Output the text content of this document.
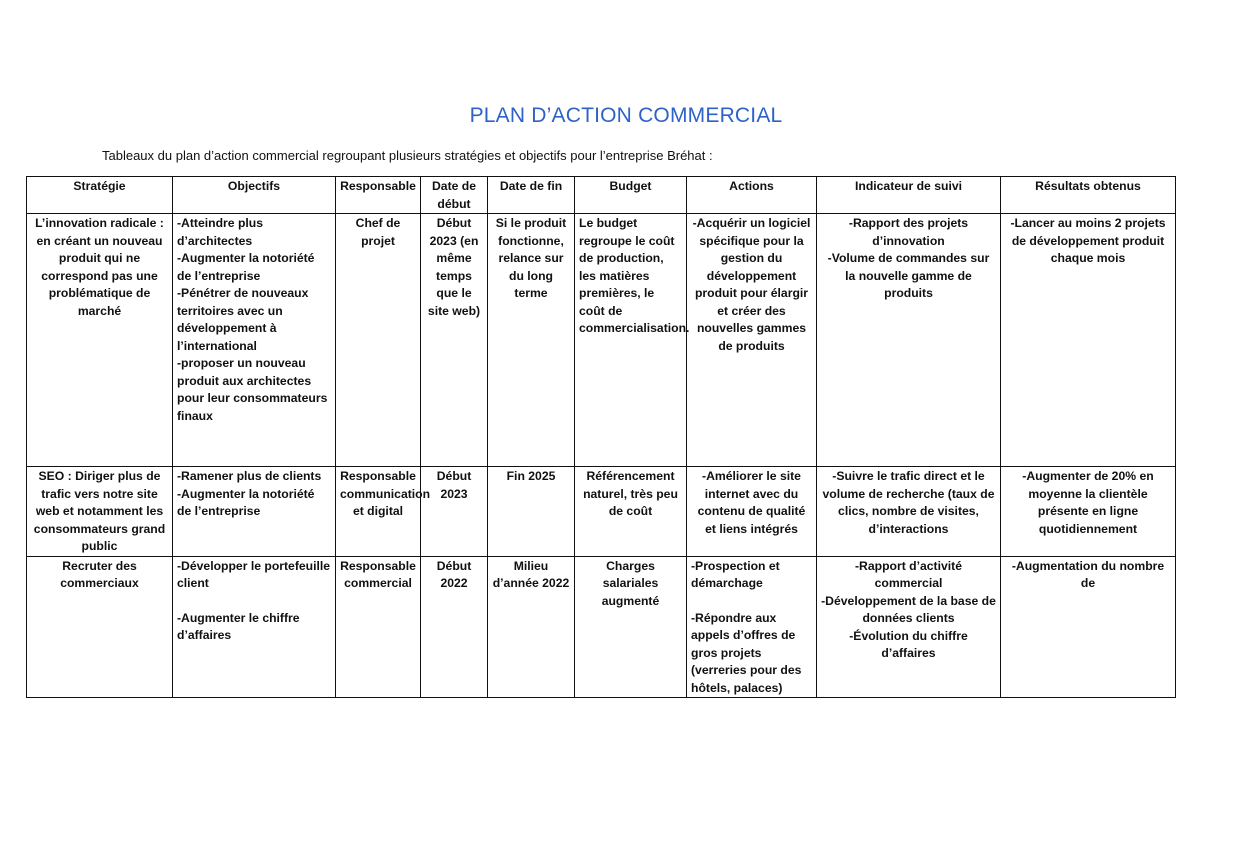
PLAN D’ACTION COMMERCIAL
Tableaux du plan d’action commercial regroupant plusieurs stratégies et objectifs pour l’entreprise Bréhat :
Stratégie	Objectifs	Responsable	Date de début	Date de fin	Budget	Actions	Indicateur de suivi	Résultats obtenus
L’innovation radicale : en créant un nouveau produit qui ne correspond pas une problématique de marché	-Atteindre plus d’architectes
-Augmenter la notoriété de l’entreprise
-Pénétrer de nouveaux territoires avec un développement à l’international
-proposer un nouveau produit aux architectes pour leur consommateurs finaux	Chef de projet	Début 2023 (en même temps que le site web)	Si le produit fonctionne, relance sur du long terme	Le budget regroupe le coût de production, les matières premières, le coût de commercialisation.	-Acquérir un logiciel spécifique pour la gestion du développement produit pour élargir et créer des nouvelles gammes de produits	-Rapport des projets d’innovation
-Volume de commandes sur la nouvelle gamme de produits	-Lancer au moins 2 projets de développement produit chaque mois
SEO : Diriger plus de trafic vers notre site web et notamment les consommateurs grand public	-Ramener plus de clients
-Augmenter la notoriété de l’entreprise	Responsable communication et digital	Début 2023	Fin 2025	Référencement naturel, très peu de coût	-Améliorer le site internet avec du contenu de qualité et liens intégrés	-Suivre le trafic direct et le volume de recherche (taux de clics, nombre de visites, d’interactions	-Augmenter de 20% en moyenne la clientèle présente en ligne quotidiennement
Recruter des commerciaux	-Développer le portefeuille client
-Augmenter le chiffre d’affaires	Responsable commercial	Début 2022	Milieu d’année 2022	Charges salariales augmenté	-Prospection et démarchage
-Répondre aux appels d’offres de gros projets (verreries pour des hôtels, palaces)	-Rapport d’activité commercial
-Développement de la base de données clients
-Évolution du chiffre d’affaires	-Augmentation du nombre de
